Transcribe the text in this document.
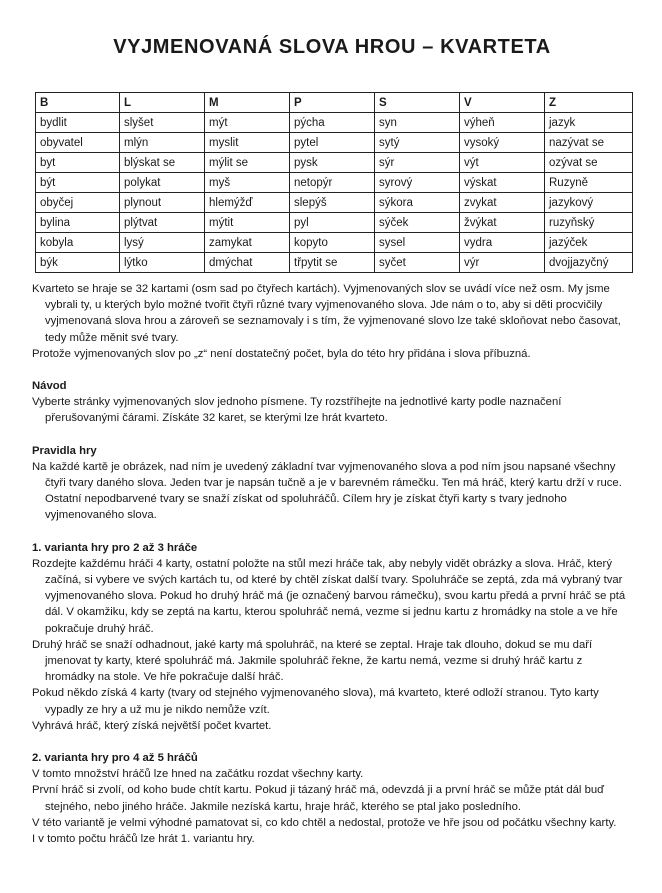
VYJMENOVANÁ SLOVA HROU – KVARTETA
B	L	M	P	S	V	Z
bydlit	slyšet	mýt	pýcha	syn	výheň	jazyk
obyvatel	mlýn	myslit	pytel	sytý	vysoký	nazývat se
byt	blýskat se	mýlit se	pysk	sýr	výt	ozývat se
být	polykat	myš	netopýr	syrový	výskat	Ruzyně
obyčej	plynout	hlemýžď	slepýš	sýkora	zvykat	jazykový
bylina	plýtvat	mýtit	pyl	sýček	žvýkat	ruzyňský
kobyla	lysý	zamykat	kopyto	sysel	vydra	jazýček
býk	lýtko	dmýchat	třpytit se	syčet	výr	dvojjazyčný

Kvarteto se hraje se 32 kartami (osm sad po čtyřech kartách). Vyjmenovaných slov se uvádí více než osm. My jsme vybrali ty, u kterých bylo možné tvořit čtyři různé tvary vyjmenovaného slova. Jde nám o to, aby si děti procvičily vyjmenovaná slova hrou a zároveň se seznamovaly i s tím, že vyjmenované slovo lze také skloňovat nebo časovat, tedy může měnit své tvary.

Protože vyjmenovaných slov po „z“ není dostatečný počet, byla do této hry přidána i slova příbuzná.

Návod

Vyberte stránky vyjmenovaných slov jednoho písmene. Ty rozstříhejte na jednotlivé karty podle naznačení přerušovanými čárami. Získáte 32 karet, se kterými lze hrát kvarteto.

Pravidla hry

Na každé kartě je obrázek, nad ním je uvedený základní tvar vyjmenovaného slova a pod ním jsou napsané všechny čtyři tvary daného slova. Jeden tvar je napsán tučně a je v barevném rámečku. Ten má hráč, který kartu drží v ruce. Ostatní nepodbarvené tvary se snaží získat od spoluhráčů. Cílem hry je získat čtyři karty s tvary jednoho vyjmenovaného slova.

1. varianta hry pro 2 až 3 hráče

Rozdejte každému hráči 4 karty, ostatní položte na stůl mezi hráče tak, aby nebyly vidět obrázky a slova. Hráč, který začíná, si vybere ve svých kartách tu, od které by chtěl získat další tvary. Spoluhráče se zeptá, zda má vybraný tvar vyjmenovaného slova. Pokud ho druhý hráč má (je označený barvou rámečku), svou kartu předá a první hráč se ptá dál. V okamžiku, kdy se zeptá na kartu, kterou spoluhráč nemá, vezme si jednu kartu z hromádky na stole a ve hře pokračuje druhý hráč.

Druhý hráč se snaží odhadnout, jaké karty má spoluhráč, na které se zeptal. Hraje tak dlouho, dokud se mu daří jmenovat ty karty, které spoluhráč má. Jakmile spoluhráč řekne, že kartu nemá, vezme si druhý hráč kartu z hromádky na stole. Ve hře pokračuje další hráč.

Pokud někdo získá 4 karty (tvary od stejného vyjmenovaného slova), má kvarteto, které odloží stranou. Tyto karty vypadly ze hry a už mu je nikdo nemůže vzít.

Vyhrává hráč, který získá největší počet kvartet.

2. varianta hry pro 4 až 5 hráčů

V tomto množství hráčů lze hned na začátku rozdat všechny karty.

První hráč si zvolí, od koho bude chtít kartu. Pokud ji tázaný hráč má, odevzdá ji a první hráč se může ptát dál buď stejného, nebo jiného hráče. Jakmile nezíská kartu, hraje hráč, kterého se ptal jako posledního.

V této variantě je velmi výhodné pamatovat si, co kdo chtěl a nedostal, protože ve hře jsou od počátku všechny karty.

I v tomto počtu hráčů lze hrát 1. variantu hry.
